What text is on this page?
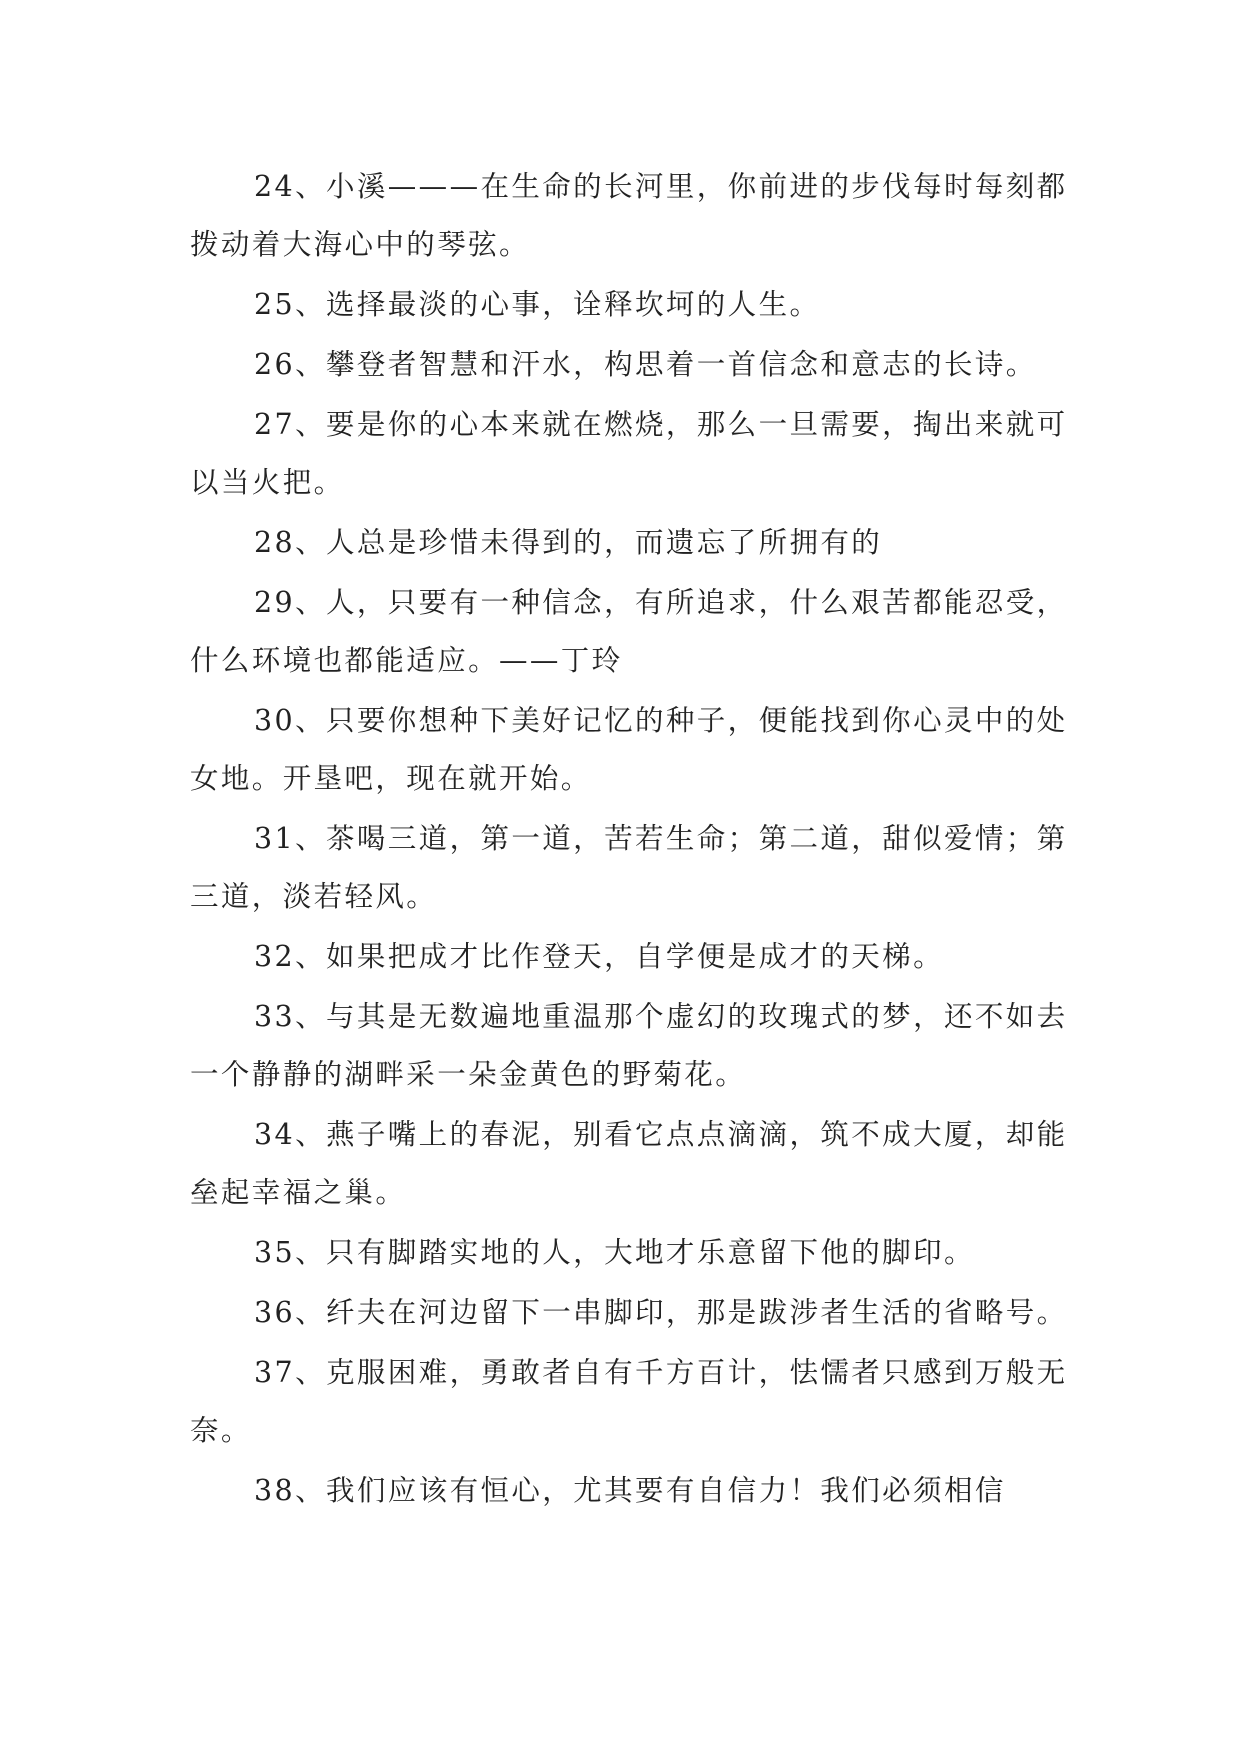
24、小溪———在生命的长河里，你前进的步伐每时每刻都拨动着大海心中的琴弦。

25、选择最淡的心事，诠释坎坷的人生。

26、攀登者智慧和汗水，构思着一首信念和意志的长诗。

27、要是你的心本来就在燃烧，那么一旦需要，掏出来就可以当火把。

28、人总是珍惜未得到的，而遗忘了所拥有的

29、人，只要有一种信念，有所追求，什么艰苦都能忍受，什么环境也都能适应。——丁玲

30、只要你想种下美好记忆的种子，便能找到你心灵中的处女地。开垦吧，现在就开始。

31、茶喝三道，第一道，苦若生命；第二道，甜似爱情；第三道，淡若轻风。

32、如果把成才比作登天，自学便是成才的天梯。

33、与其是无数遍地重温那个虚幻的玫瑰式的梦，还不如去一个静静的湖畔采一朵金黄色的野菊花。

34、燕子嘴上的春泥，别看它点点滴滴，筑不成大厦，却能垒起幸福之巢。

35、只有脚踏实地的人，大地才乐意留下他的脚印。

36、纤夫在河边留下一串脚印，那是跋涉者生活的省略号。

37、克服困难，勇敢者自有千方百计，怯懦者只感到万般无奈。

38、我们应该有恒心，尤其要有自信力！我们必须相信
